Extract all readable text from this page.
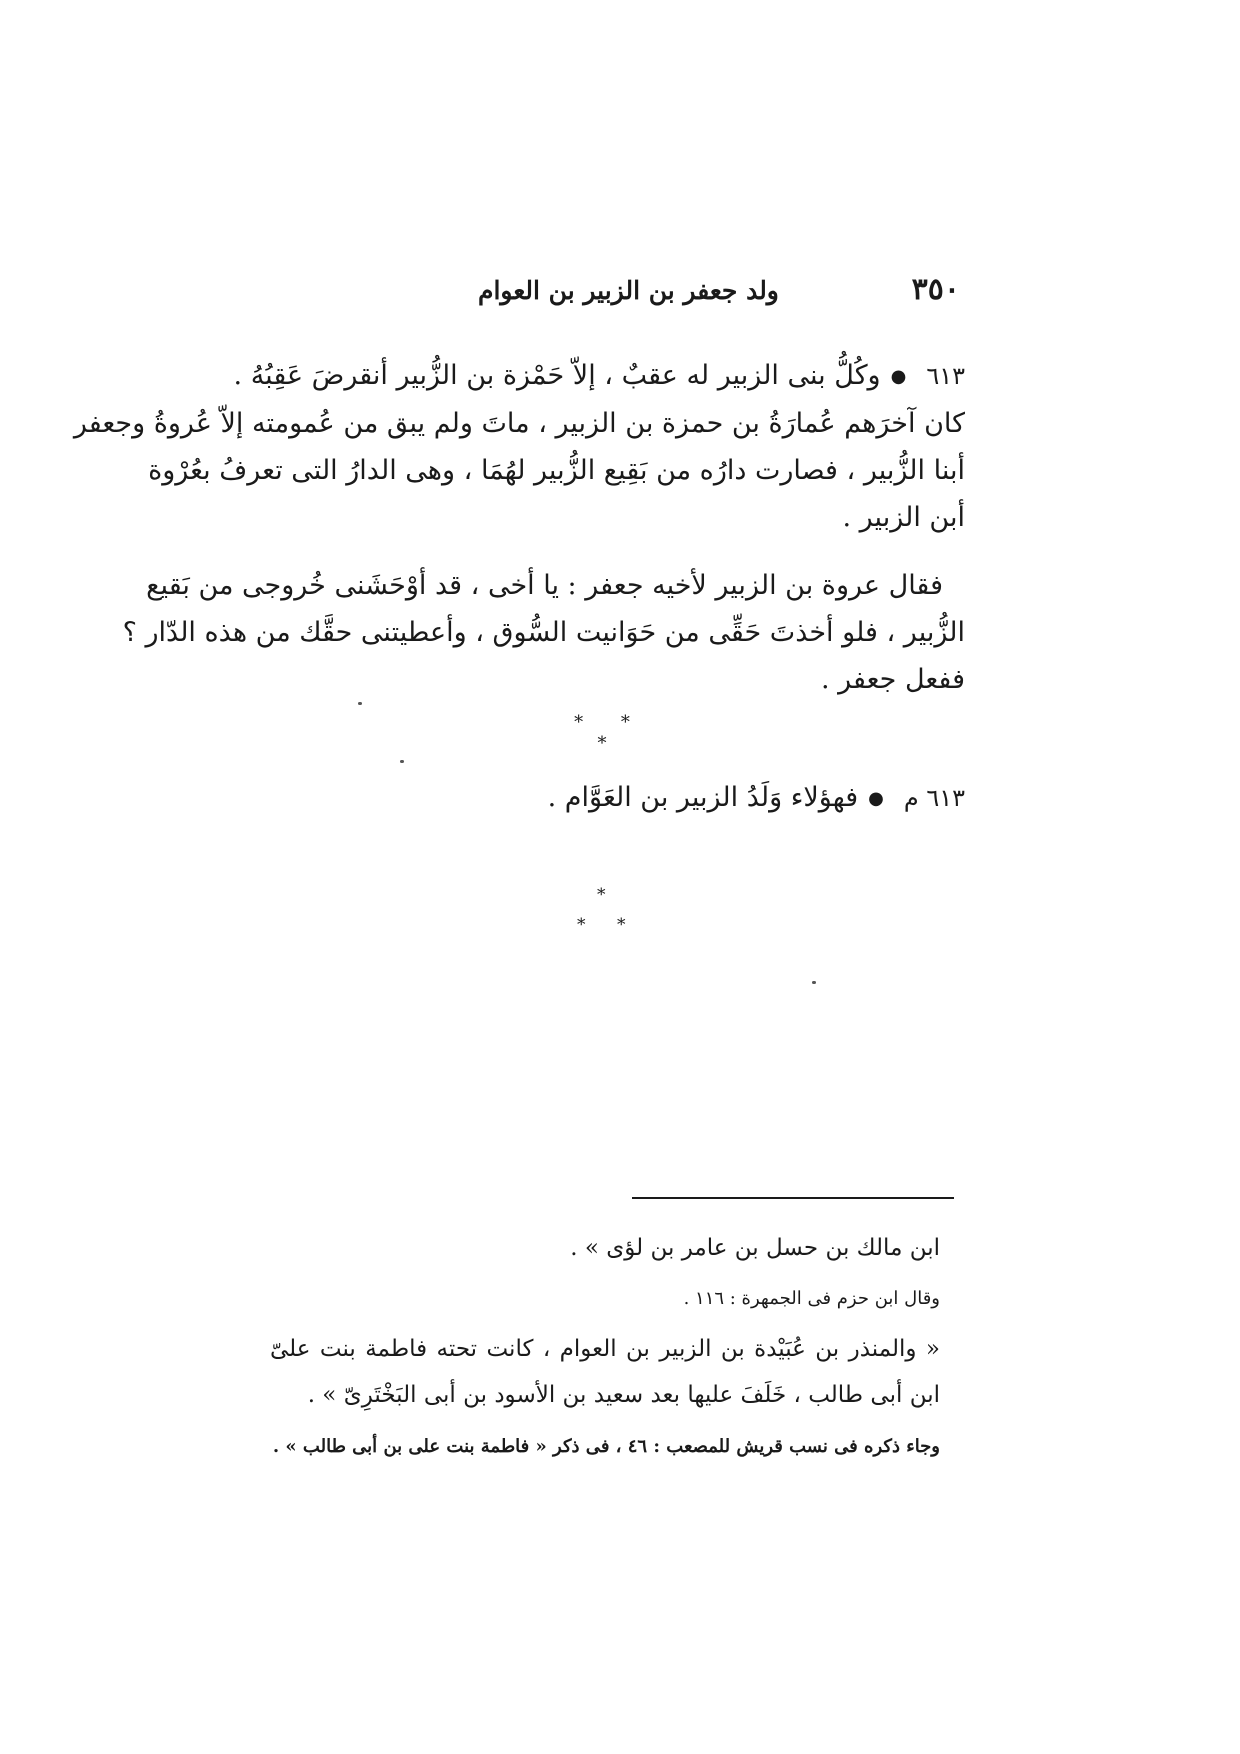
٣٥٠
ولد جعفر بن الزبير بن العوام
٦١٣●وكُلُّ بنى الزبير له عقبٌ ، إلاّ حَمْزة بن الزُّبير أنقرضَ عَقِبُهُ .
كان آخرَهم عُمارَةُ بن حمزة بن الزبير ، ماتَ ولم يبق من عُمومته إلاّ عُروةُ وجعفر
أبنا الزُّبير ، فصارت دارُه من بَقِيع الزُّبير لهُمَا ، وهى الدارُ التى تعرفُ بعُرْوة
أبن الزبير .
فقال عروة بن الزبير لأخيه جعفر : يا أخى ، قد أوْحَشَنى خُروجى من بَقيع
الزُّبير ، فلو أخذتَ حَقِّى من حَوَانيت السُّوق ، وأعطيتنى حقَّك من هذه الدّار ؟
ففعل جعفر .
* * *
٦١٣ م●فهؤلاء وَلَدُ الزبير بن العَوَّام .
*
* *
ابن مالك بن حسل بن عامر بن لؤى » .
وقال ابن حزم فى الجمهرة : ١١٦ .
« والمنذر بن عُبَيْدة بن الزبير بن العوام ، كانت تحته فاطمة بنت علىّ
ابن أبى طالب ، خَلَفَ عليها بعد سعيد بن الأسود بن أبى البَخْتَرِىّ » .
وجاء ذكره فى نسب قريش للمصعب : ٤٦ ، فى ذكر « فاطمة بنت على بن أبى طالب » .
